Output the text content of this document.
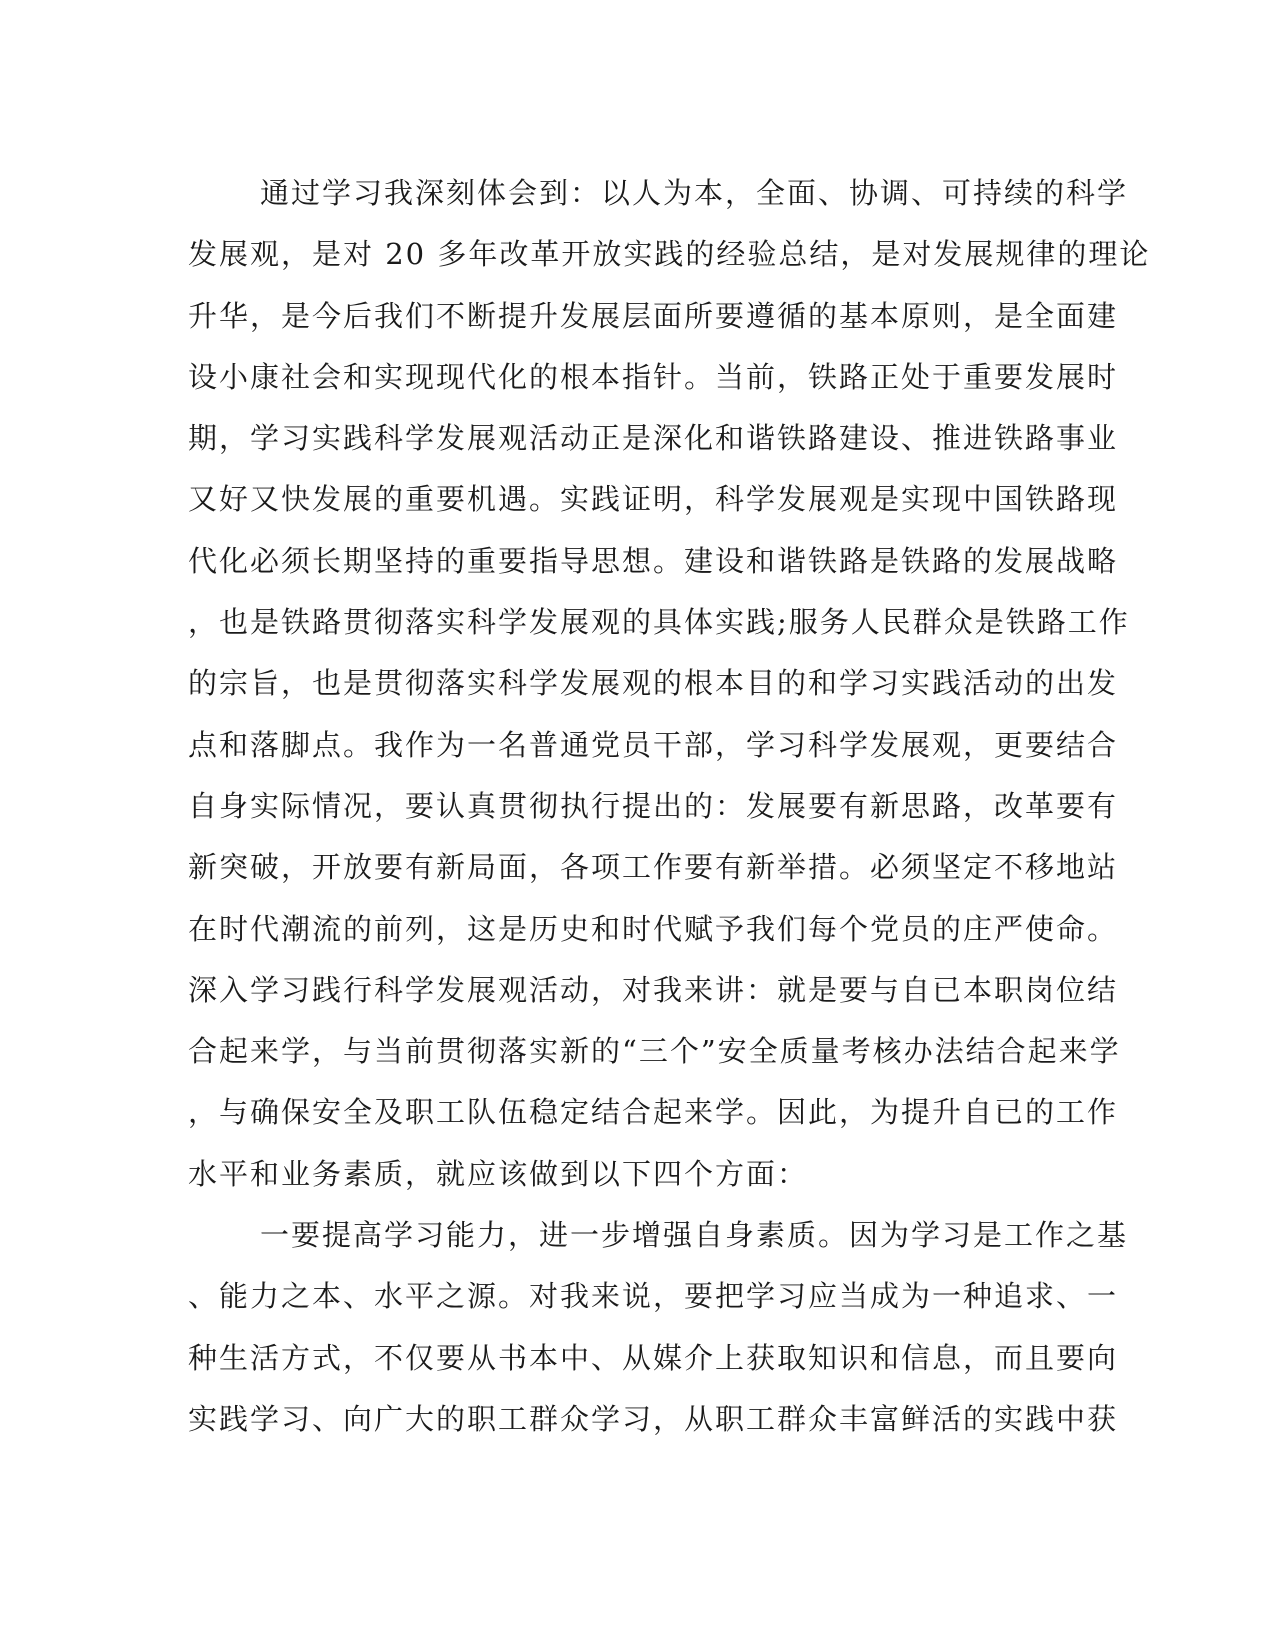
通过学习我深刻体会到：以人为本，全面、协调、可持续的科学
发展观，是对 20 多年改革开放实践的经验总结，是对发展规律的理论
升华，是今后我们不断提升发展层面所要遵循的基本原则，是全面建
设小康社会和实现现代化的根本指针。当前，铁路正处于重要发展时
期，学习实践科学发展观活动正是深化和谐铁路建设、推进铁路事业
又好又快发展的重要机遇。实践证明，科学发展观是实现中国铁路现
代化必须长期坚持的重要指导思想。建设和谐铁路是铁路的发展战略
，也是铁路贯彻落实科学发展观的具体实践;服务人民群众是铁路工作
的宗旨，也是贯彻落实科学发展观的根本目的和学习实践活动的出发
点和落脚点。我作为一名普通党员干部，学习科学发展观，更要结合
自身实际情况，要认真贯彻执行提出的：发展要有新思路，改革要有
新突破，开放要有新局面，各项工作要有新举措。必须坚定不移地站
在时代潮流的前列，这是历史和时代赋予我们每个党员的庄严使命。
深入学习践行科学发展观活动，对我来讲：就是要与自已本职岗位结
合起来学，与当前贯彻落实新的“三个”安全质量考核办法结合起来学
，与确保安全及职工队伍稳定结合起来学。因此，为提升自已的工作
水平和业务素质，就应该做到以下四个方面：
一要提高学习能力，进一步增强自身素质。因为学习是工作之基
、能力之本、水平之源。对我来说，要把学习应当成为一种追求、一
种生活方式，不仅要从书本中、从媒介上获取知识和信息，而且要向
实践学习、向广大的职工群众学习，从职工群众丰富鲜活的实践中获
